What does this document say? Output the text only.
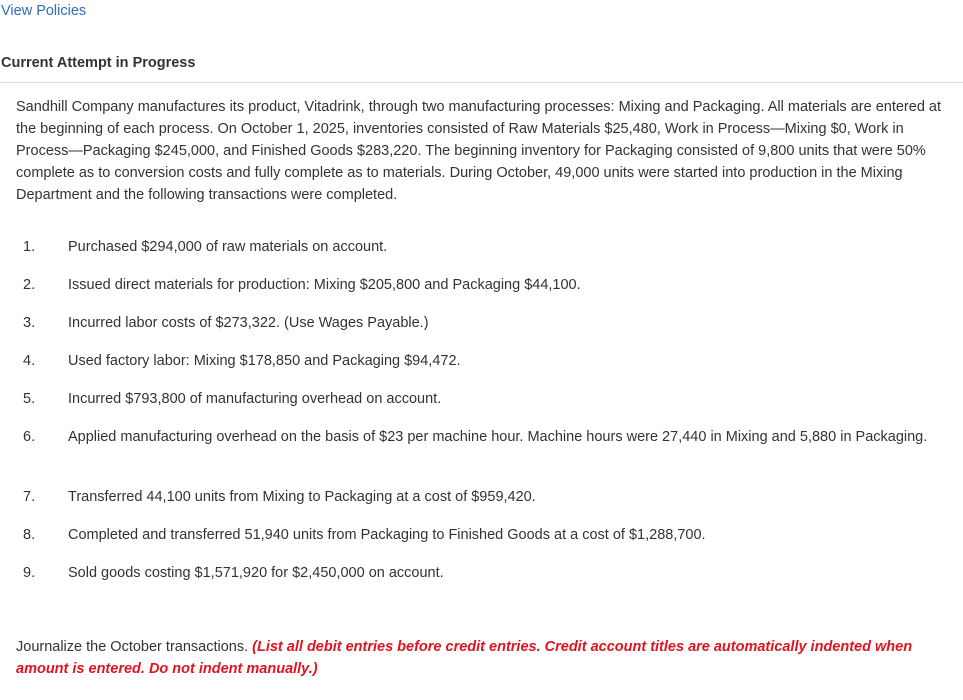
View Policies
Current Attempt in Progress

Sandhill Company manufactures its product, Vitadrink, through two manufacturing processes: Mixing and Packaging. All materials are entered at the beginning of each process. On October 1, 2025, inventories consisted of Raw Materials $25,480, Work in Process—Mixing $0, Work in Process—Packaging $245,000, and Finished Goods $283,220. The beginning inventory for Packaging consisted of 9,800 units that were 50% complete as to conversion costs and fully complete as to materials. During October, 49,000 units were started into production in the Mixing Department and the following transactions were completed.

1. Purchased $294,000 of raw materials on account.
2. Issued direct materials for production: Mixing $205,800 and Packaging $44,100.
3. Incurred labor costs of $273,322. (Use Wages Payable.)
4. Used factory labor: Mixing $178,850 and Packaging $94,472.
5. Incurred $793,800 of manufacturing overhead on account.
6. Applied manufacturing overhead on the basis of $23 per machine hour. Machine hours were 27,440 in Mixing and 5,880 in Packaging.
7. Transferred 44,100 units from Mixing to Packaging at a cost of $959,420.
8. Completed and transferred 51,940 units from Packaging to Finished Goods at a cost of $1,288,700.
9. Sold goods costing $1,571,920 for $2,450,000 on account.

Journalize the October transactions. (List all debit entries before credit entries. Credit account titles are automatically indented when amount is entered. Do not indent manually.)
